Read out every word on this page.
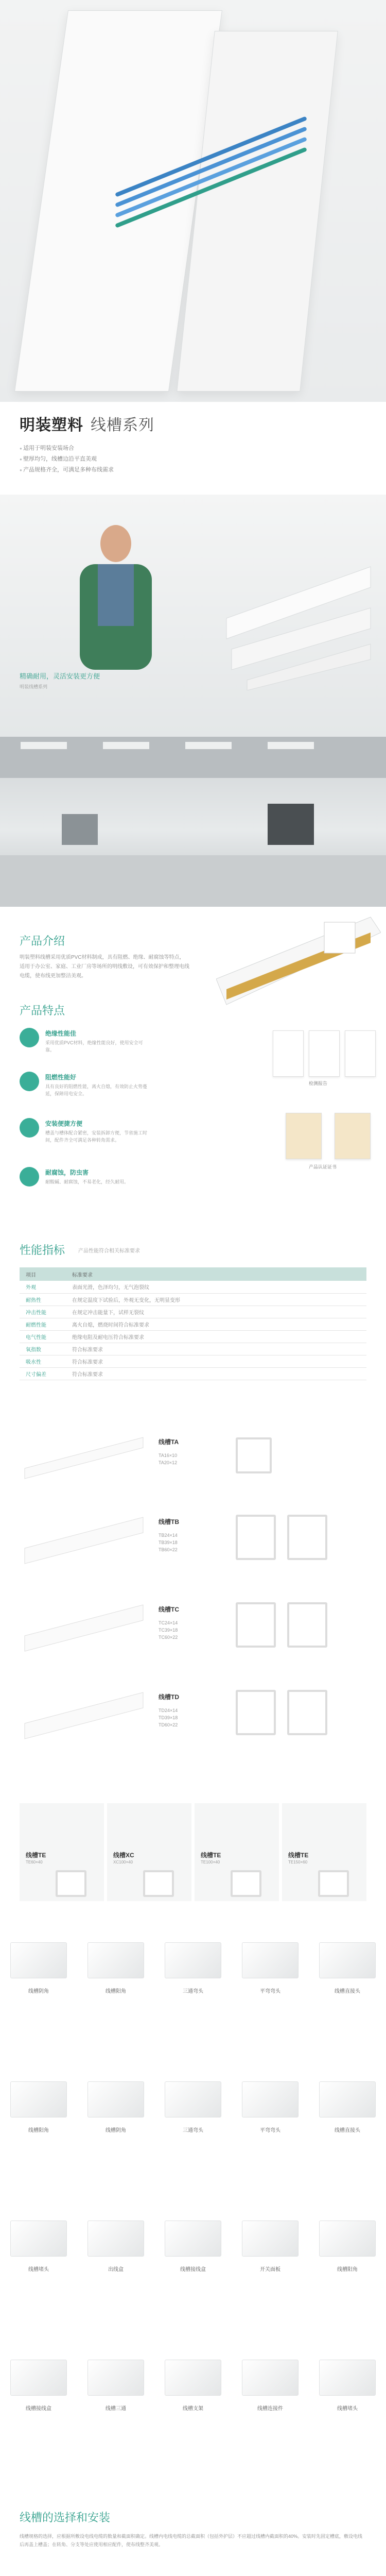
明装塑料 线槽系列
● 适用于明装安装场合
● 壁厚均匀，线槽边沿平直美观
● 产品规格齐全，可满足多种布线需求
精确耐用，灵活安装更方便
明装线槽系列
产品介绍
明装塑料线槽采用优质PVC材料制成，具有阻燃、绝缘、耐腐蚀等特点，适用于办公室、家庭、工业厂房等场所的明线敷设，可有效保护和整理电线电缆，使布线更加整洁美观。
产品特点
绝缘性能佳
采用优质PVC材料，绝缘性能良好，使用安全可靠。
阻燃性能好
具有良好的阻燃性能，离火自熄，有效防止火势蔓延，保障用电安全。
安装便捷方便
槽盖与槽体配合紧密，安装拆卸方便，节省施工时间，配件齐全可满足各种转角需求。
耐腐蚀，防虫害
耐酸碱、耐腐蚀，不易老化，经久耐用。
检测报告
产品认证证书
性能指标	产品性能符合相关标准要求
项目	标准要求
外观	表面光滑，色泽均匀，无气泡裂纹
耐热性	在规定温度下试验后，外观无变化，无明显变形
冲击性能	在规定冲击能量下，试样无裂纹
耐燃性能	离火自熄，燃烧时间符合标准要求
电气性能	绝缘电阻及耐电压符合标准要求
氧指数	符合标准要求
吸水性	符合标准要求
尺寸偏差	符合标准要求
线槽TA
TA16×10
TA20×12
线槽TB
TB24×14
TB39×18
TB60×22
线槽TC
TC24×14
TC39×18
TC60×22
线槽TD
TD24×14
TD39×18
TD60×22
线槽TE
TE60×40
线槽XC
XC100×40
线槽TE
TE100×40
线槽TE
TE150×60
线槽的选择和安装
线槽规格的选择，应根据所敷设电线电缆的数量和截面积确定。线槽内电线电缆的总截面积（包括外护层）不应超过线槽内截面积的40%。安装时先固定槽底，敷设电线后再盖上槽盖；在转角、分支等处应使用相应配件，使布线整齐美观。
线槽阴角	线槽阳角	三通弯头	平弯弯头	线槽直接头
线槽阳角	线槽阴角	三通弯头	平弯弯头	线槽直接头
线槽堵头	出线盒	线槽接线盒	开关面板	线槽阳角
线槽接线盒	线槽三通	线槽支架	线槽连接件	线槽堵头
